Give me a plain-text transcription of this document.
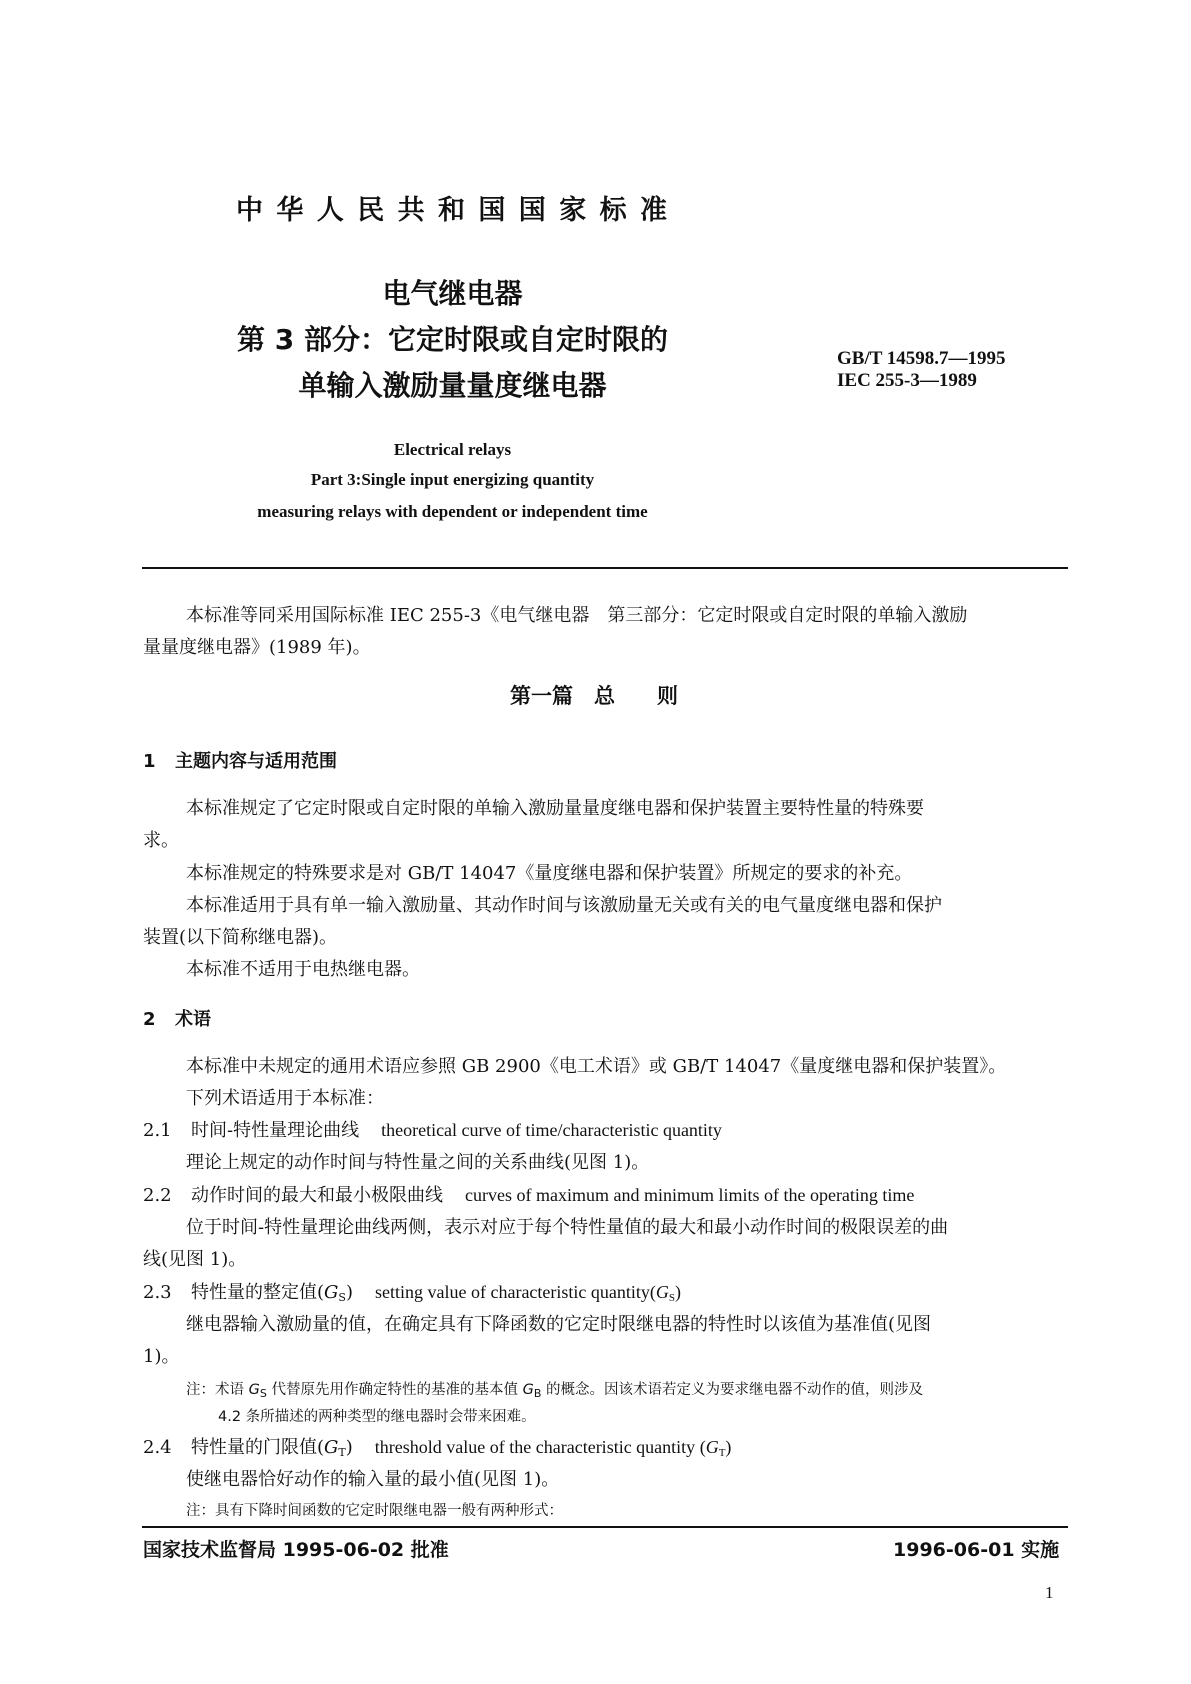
中 华 人 民 共 和 国 国 家 标 准
电气继电器
第 3 部分：它定时限或自定时限的
单输入激励量量度继电器
GB/T 14598.7—1995
IEC 255-3—1989
Electrical relays
Part 3:Single input energizing quantity
measuring relays with dependent or independent time
本标准等同采用国际标准 IEC 255-3《电气继电器　第三部分：它定时限或自定时限的单输入激励
量量度继电器》(1989 年)。
第一篇　总　　则
1 主题内容与适用范围
本标准规定了它定时限或自定时限的单输入激励量量度继电器和保护装置主要特性量的特殊要
求。
本标准规定的特殊要求是对 GB/T 14047《量度继电器和保护装置》所规定的要求的补充。
本标准适用于具有单一输入激励量、其动作时间与该激励量无关或有关的电气量度继电器和保护
装置(以下简称继电器)。
本标准不适用于电热继电器。
2 术语
本标准中未规定的通用术语应参照 GB 2900《电工术语》或 GB/T 14047《量度继电器和保护装置》。
下列术语适用于本标准：
2.1 时间-特性量理论曲线 theoretical curve of time/characteristic quantity
理论上规定的动作时间与特性量之间的关系曲线(见图 1)。
2.2 动作时间的最大和最小极限曲线 curves of maximum and minimum limits of the operating time
位于时间-特性量理论曲线两侧，表示对应于每个特性量值的最大和最小动作时间的极限误差的曲
线(见图 1)。
2.3 特性量的整定值$(G_S)$ setting value of characteristic $quantity(G_S)$
继电器输入激励量的值，在确定具有下降函数的它定时限继电器的特性时以该值为基准值(见图
1)。
注：术语 $G_S$ 代替原先用作确定特性的基准的基本值 $G_B$ 的概念。因该术语若定义为要求继电器不动作的值，则涉及
4.2 条所描述的两种类型的继电器时会带来困难。
2.4 特性量的门限值$(G_T)$ threshold value of the characteristic quantity $(G_T)$
使继电器恰好动作的输入量的最小值(见图 1)。
注：具有下降时间函数的它定时限继电器一般有两种形式：
国家技术监督局 1995-06-02 批准	1996-06-01 实施
1
